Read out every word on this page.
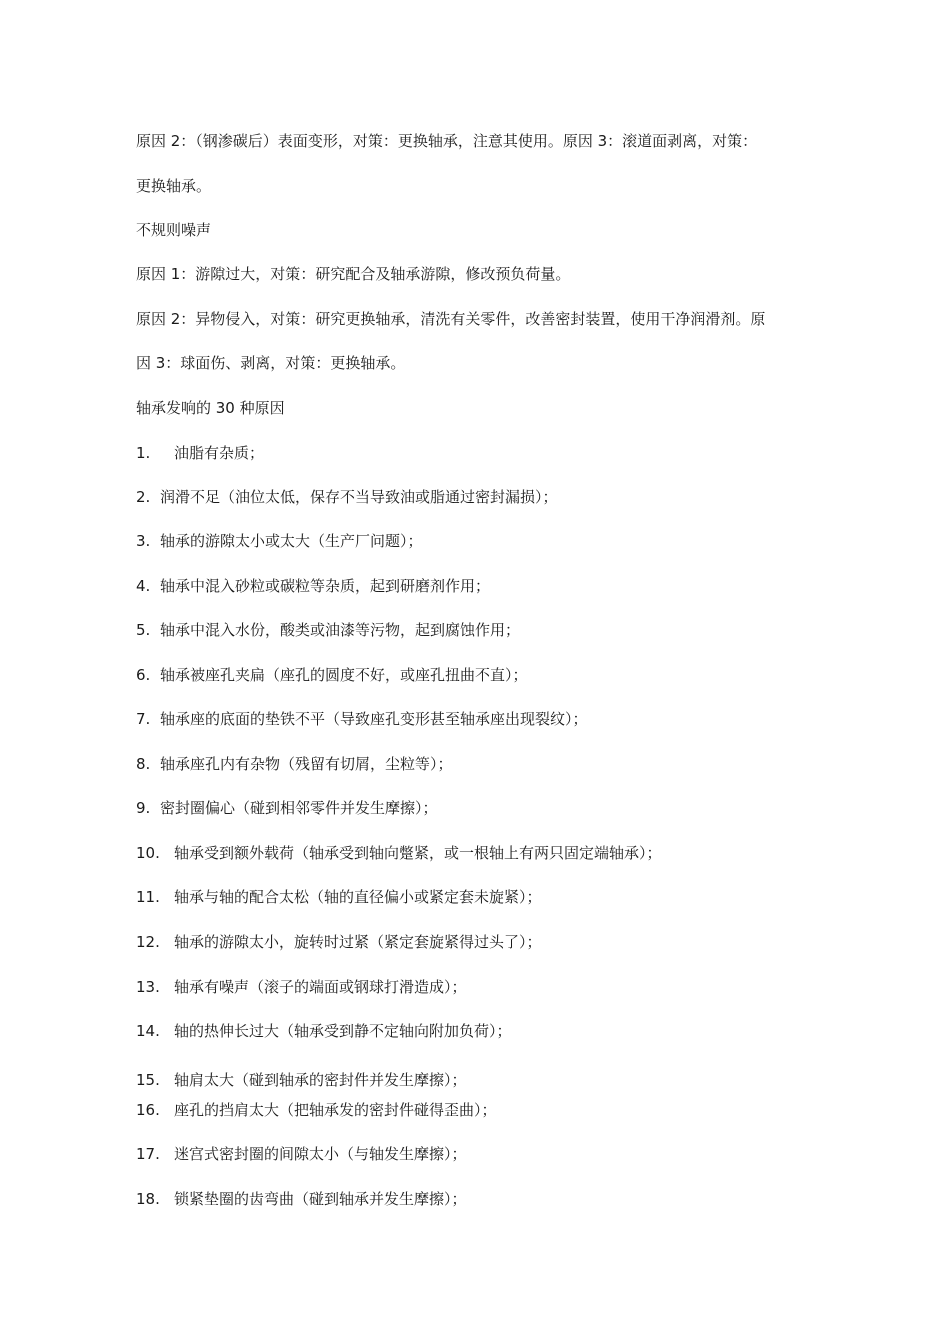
原因 2：（钢渗碳后）表面变形，对策：更换轴承，注意其使用。原因 3：滚道面剥离，对策：
更换轴承。
不规则噪声
原因 1：游隙过大，对策：研究配合及轴承游隙，修改预负荷量。
原因 2：异物侵入，对策：研究更换轴承，清洗有关零件，改善密封装置，使用干净润滑剂。原
因 3：球面伤、剥离，对策：更换轴承。
轴承发响的 30 种原因
1. 油脂有杂质；
2. 润滑不足（油位太低，保存不当导致油或脂通过密封漏损）；
3. 轴承的游隙太小或太大（生产厂问题）；
4. 轴承中混入砂粒或碳粒等杂质，起到研磨剂作用；
5. 轴承中混入水份，酸类或油漆等污物，起到腐蚀作用；
6. 轴承被座孔夹扁（座孔的圆度不好，或座孔扭曲不直）；
7. 轴承座的底面的垫铁不平（导致座孔变形甚至轴承座出现裂纹）；
8. 轴承座孔内有杂物（残留有切屑，尘粒等）；
9. 密封圈偏心（碰到相邻零件并发生摩擦）；
10. 轴承受到额外载荷（轴承受到轴向蹩紧，或一根轴上有两只固定端轴承）；
11. 轴承与轴的配合太松（轴的直径偏小或紧定套未旋紧）；
12. 轴承的游隙太小，旋转时过紧（紧定套旋紧得过头了）；
13. 轴承有噪声（滚子的端面或钢球打滑造成）；
14. 轴的热伸长过大（轴承受到静不定轴向附加负荷）；
15. 轴肩太大（碰到轴承的密封件并发生摩擦）；
16. 座孔的挡肩太大（把轴承发的密封件碰得歪曲）；
17. 迷宫式密封圈的间隙太小（与轴发生摩擦）；
18. 锁紧垫圈的齿弯曲（碰到轴承并发生摩擦）；
